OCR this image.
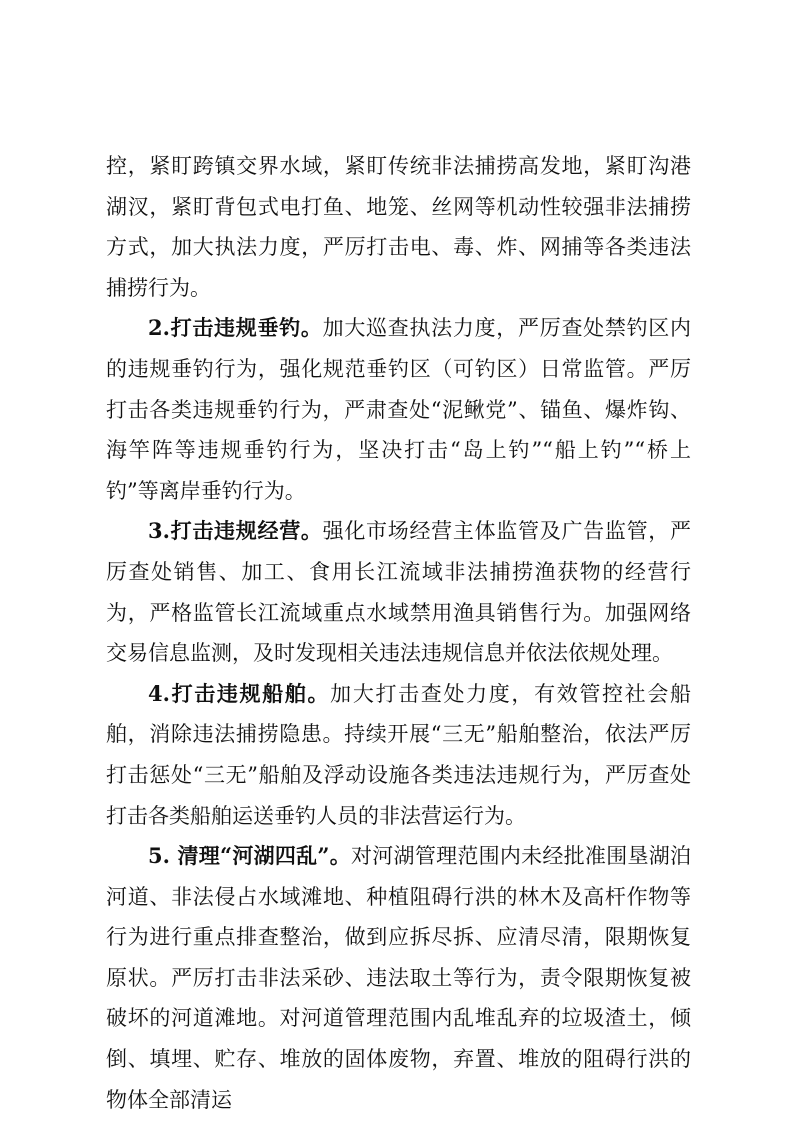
控，紧盯跨镇交界水域，紧盯传统非法捕捞高发地，紧盯沟港湖汊，紧盯背包式电打鱼、地笼、丝网等机动性较强非法捕捞方式，加大执法力度，严厉打击电、毒、炸、网捕等各类违法捕捞行为。

2.打击违规垂钓。加大巡查执法力度，严厉查处禁钓区内的违规垂钓行为，强化规范垂钓区（可钓区）日常监管。严厉打击各类违规垂钓行为，严肃查处“泥鳅党”、锚鱼、爆炸钩、海竿阵等违规垂钓行为，坚决打击“岛上钓”“船上钓”“桥上钓”等离岸垂钓行为。

3.打击违规经营。强化市场经营主体监管及广告监管，严厉查处销售、加工、食用长江流域非法捕捞渔获物的经营行为，严格监管长江流域重点水域禁用渔具销售行为。加强网络交易信息监测，及时发现相关违法违规信息并依法依规处理。

4.打击违规船舶。加大打击查处力度，有效管控社会船舶，消除违法捕捞隐患。持续开展“三无”船舶整治，依法严厉打击惩处“三无”船舶及浮动设施各类违法违规行为，严厉查处打击各类船舶运送垂钓人员的非法营运行为。

5. 清理“河湖四乱”。对河湖管理范围内未经批准围垦湖泊河道、非法侵占水域滩地、种植阻碍行洪的林木及高杆作物等行为进行重点排查整治，做到应拆尽拆、应清尽清，限期恢复原状。严厉打击非法采砂、违法取土等行为，责令限期恢复被破坏的河道滩地。对河道管理范围内乱堆乱弃的垃圾渣土，倾倒、填埋、贮存、堆放的固体废物，弃置、堆放的阻碍行洪的物体全部清运
